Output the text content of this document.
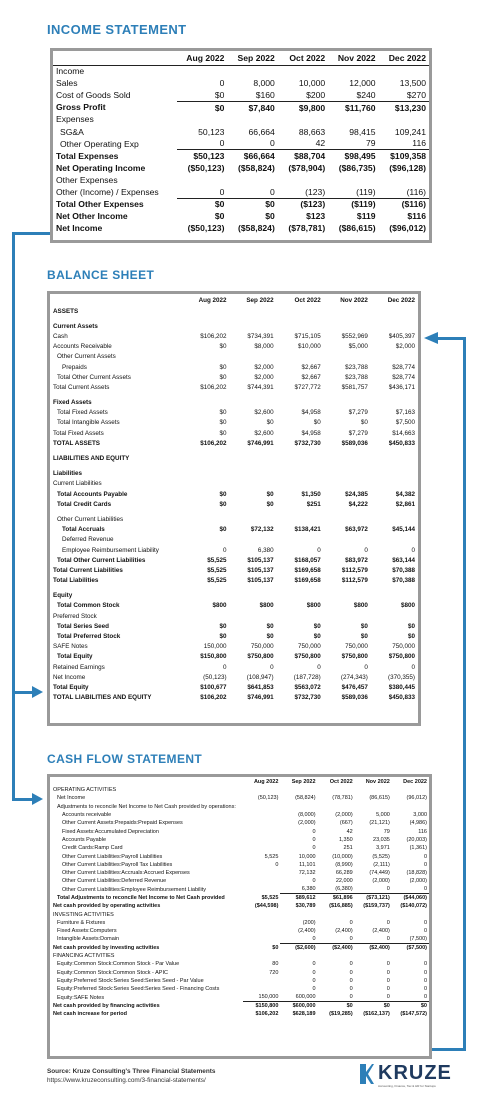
INCOME STATEMENT
	Aug 2022	Sep 2022	Oct 2022	Nov 2022	Dec 2022
Income					
Sales	0	8,000	10,000	12,000	13,500
Cost of Goods Sold	$0	$160	$200	$240	$270
Gross Profit	$0	$7,840	$9,800	$11,760	$13,230
Expenses					
SG&A	50,123	66,664	88,663	98,415	109,241
Other Operating Exp	0	0	42	79	116
Total Expenses	$50,123	$66,664	$88,704	$98,495	$109,358
Net Operating Income	($50,123)	($58,824)	($78,904)	($86,735)	($96,128)
Other Expenses					
Other (Income) / Expenses	0	0	(123)	(119)	(116)
Total Other Expenses	$0	$0	($123)	($119)	($116)
Net Other Income	$0	$0	$123	$119	$116
Net Income	($50,123)	($58,824)	($78,781)	($86,615)	($96,012)
BALANCE SHEET
	Aug 2022	Sep 2022	Oct 2022	Nov 2022	Dec 2022
ASSETS					

Current Assets					
Cash	$106,202	$734,391	$715,105	$552,969	$405,397
Accounts Receivable	$0	$8,000	$10,000	$5,000	$2,000
Other Current Assets					
Prepaids	$0	$2,000	$2,667	$23,788	$28,774
Total Other Current Assets	$0	$2,000	$2,667	$23,788	$28,774
Total Current Assets	$106,202	$744,391	$727,772	$581,757	$436,171

Fixed Assets					
Total Fixed Assets	$0	$2,600	$4,958	$7,279	$7,163
Total Intangible Assets	$0	$0	$0	$0	$7,500
Total Fixed Assets	$0	$2,600	$4,958	$7,279	$14,663
TOTAL ASSETS	$106,202	$746,991	$732,730	$589,036	$450,833

LIABILITIES AND EQUITY					

Liabilities					
Current Liabilities					
Total Accounts Payable	$0	$0	$1,350	$24,385	$4,382
Total Credit Cards	$0	$0	$251	$4,222	$2,861

Other Current Liabilities					
Total Accruals	$0	$72,132	$138,421	$63,972	$45,144
Deferred Revenue					
Employee Reimbursement Liability	0	6,380	0	0	0
Total Other Current Liabilities	$5,525	$105,137	$168,057	$83,972	$63,144
Total Current Liabilities	$5,525	$105,137	$169,658	$112,579	$70,388
Total Liabilities	$5,525	$105,137	$169,658	$112,579	$70,388

Equity					
Total Common Stock	$800	$800	$800	$800	$800
Preferred Stock					
Total Series Seed	$0	$0	$0	$0	$0
Total Preferred Stock	$0	$0	$0	$0	$0
SAFE Notes	150,000	750,000	750,000	750,000	750,000
Total Equity	$150,800	$750,800	$750,800	$750,800	$750,800
Retained Earnings	0	0	0	0	0
Net Income	(50,123)	(108,947)	(187,728)	(274,343)	(370,355)
Total Equity	$100,677	$641,853	$563,072	$476,457	$380,445
TOTAL LIABILITIES AND EQUITY	$106,202	$746,991	$732,730	$589,036	$450,833
CASH FLOW STATEMENT
	Aug 2022	Sep 2022	Oct 2022	Nov 2022	Dec 2022
OPERATING ACTIVITIES					
Net Income	(50,123)	(58,824)	(78,781)	(86,615)	(96,012)
Adjustments to reconcile Net Income to Net Cash provided by operations:					
Accounts receivable		(8,000)	(2,000)	5,000	3,000
Other Current Assets:Prepaids:Prepaid Expenses		(2,000)	(667)	(21,121)	(4,986)
Fixed Assets:Accumulated Depreciation		0	42	79	116
Accounts Payable		0	1,350	23,035	(20,003)
Credit Cards:Ramp Card		0	251	3,971	(1,361)
Other Current Liabilities:Payroll Liabilities	5,525	10,000	(10,000)	(5,525)	0
Other Current Liabilities:Payroll Tax Liabilities	0	11,101	(8,990)	(2,111)	0
Other Current Liabilities:Accruals:Accrued Expenses		72,132	66,289	(74,449)	(18,828)
Other Current Liabilities:Deferred Revenue		0	22,000	(2,000)	(2,000)
Other Current Liabilities:Employee Reimbursement Liability		6,380	(6,380)	0	0
Total Adjustments to reconcile Net Income to Net Cash provided	$5,525	$89,612	$61,896	($73,121)	($44,060)
Net cash provided by operating activities	($44,598)	$30,789	($16,885)	($159,737)	($140,072)
INVESTING ACTIVITIES					
Furniture & Fixtures		(200)	0	0	0
Fixed Assets:Computers		(2,400)	(2,400)	(2,400)	0
Intangible Assets:Domain		0	0	0	(7,500)
Net cash provided by investing activities	$0	($2,600)	($2,400)	($2,400)	($7,500)
FINANCING ACTIVITIES					
Equity:Common Stock:Common Stock - Par Value	80	0	0	0	0
Equity:Common Stock:Common Stock - APIC	720	0	0	0	0
Equity:Preferred Stock:Series Seed:Series Seed - Par Value		0	0	0	0
Equity:Preferred Stock:Series Seed:Series Seed - Financing Costs		0	0	0	0
Equity:SAFE Notes	150,000	600,000	0	0	0
Net cash provided by financing activities	$150,800	$600,000	$0	$0	$0
Net cash increase for period	$106,202	$628,189	($19,285)	($162,137)	($147,572)
Source: Kruze Consulting's Three Financial Statements
https://www.kruzeconsulting.com/3-financial-statements/	KRUZE
Accounting, Finance, Tax & HR for Startups
